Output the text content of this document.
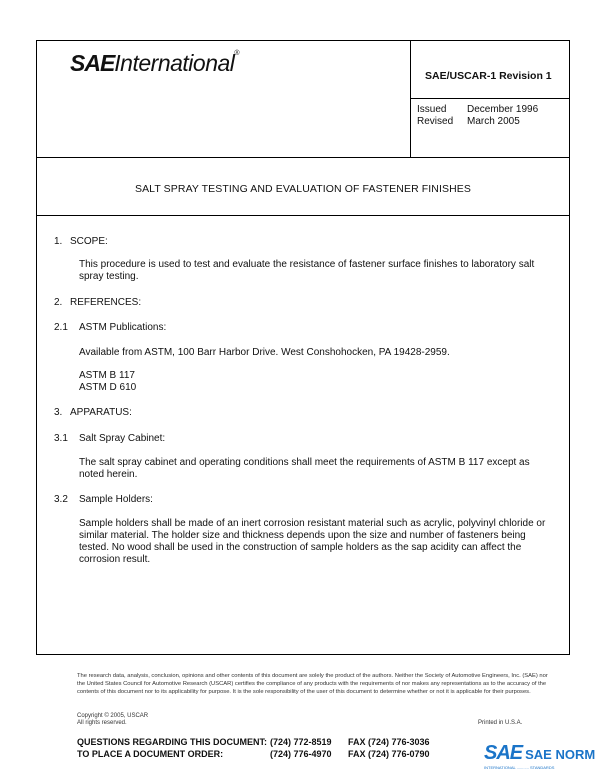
SAEInternational®
SAE/USCAR-1 Revision 1
Issued December 1996
Revised March 2005
SALT SPRAY TESTING AND EVALUATION OF FASTENER FINISHES
1. SCOPE:
This procedure is used to test and evaluate the resistance of fastener surface finishes to laboratory salt spray testing.
2. REFERENCES:
2.1 ASTM Publications:
Available from ASTM, 100 Barr Harbor Drive. West Conshohocken, PA 19428-2959.
ASTM B 117
ASTM D 610
3. APPARATUS:
3.1 Salt Spray Cabinet:
The salt spray cabinet and operating conditions shall meet the requirements of ASTM B 117 except as noted herein.
3.2 Sample Holders:
Sample holders shall be made of an inert corrosion resistant material such as acrylic, polyvinyl chloride or similar material. The holder size and thickness depends upon the size and number of fasteners being tested. No wood shall be used in the construction of sample holders as the sap acidity can affect the corrosion result.
The research data, analysis, conclusion, opinions and other contents of this document are solely the product of the authors. Neither the Society of Automotive Engineers, Inc. (SAE) nor the United States Council for Automotive Research (USCAR) certifies the compliance of any products with the requirements of nor makes any representations as to the accuracy of the contents of this document nor to its applicability for purpose. It is the sole responsibility of the user of this document to determine whether or not it is applicable for their purposes.
Copyright © 2005, USCAR
All rights reserved.	Printed in U.S.A.
QUESTIONS REGARDING THIS DOCUMENT: (724) 772-8519 FAX (724) 776-3036
TO PLACE A DOCUMENT ORDER:	(724) 776-4970 FAX (724) 776-0790	SAE SAE NORM
INTERNATIONAL ........... STANDARDS
